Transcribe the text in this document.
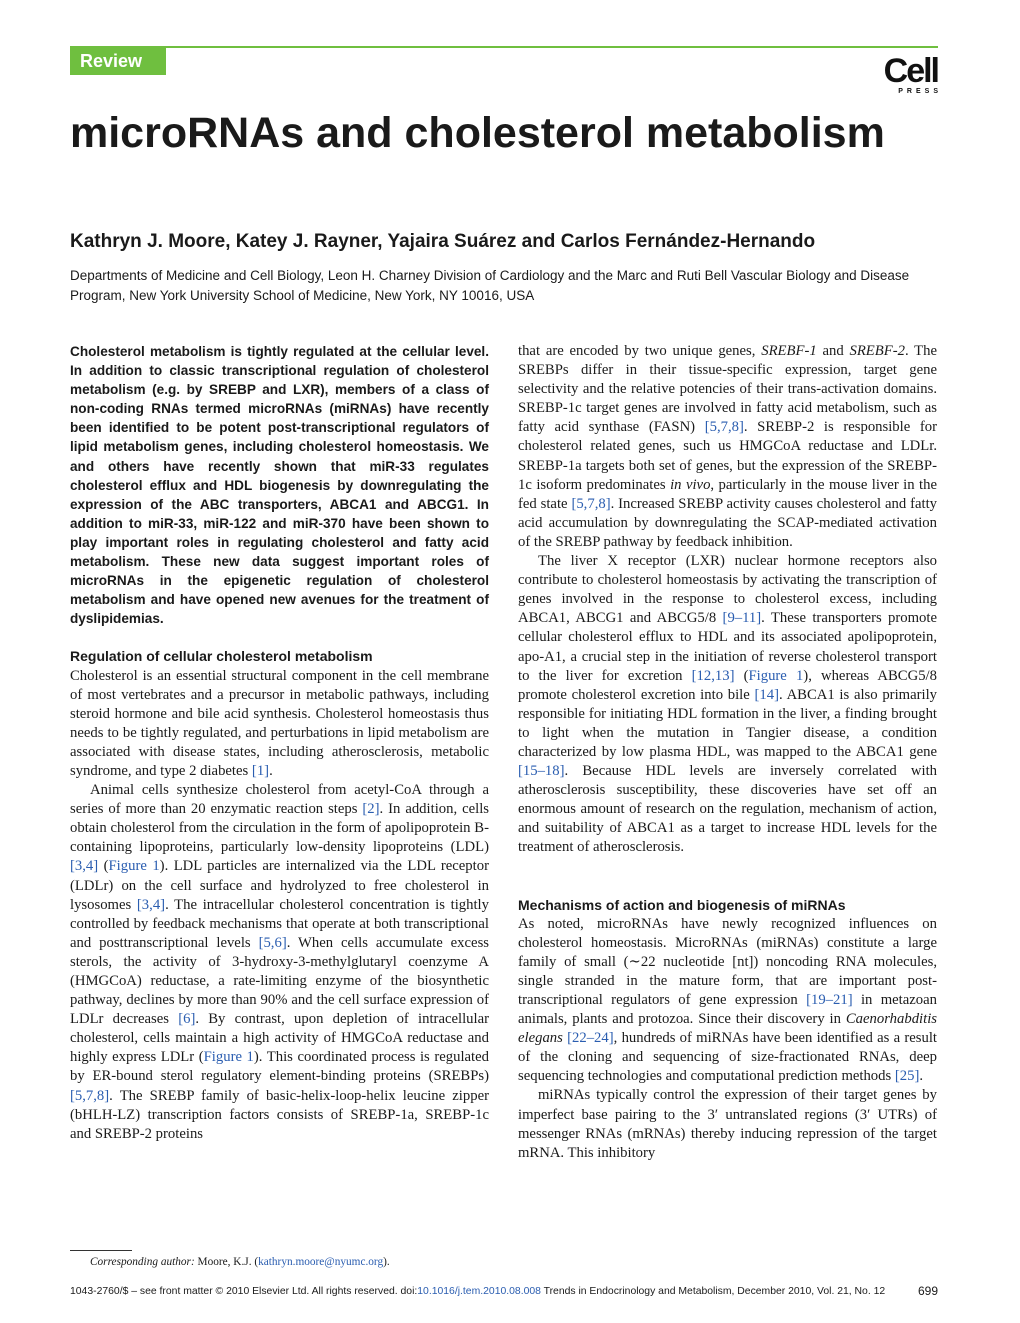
Review	Cell
PRESS
microRNAs and cholesterol metabolism
Kathryn J. Moore, Katey J. Rayner, Yajaira Suárez and Carlos Fernández-Hernando
Departments of Medicine and Cell Biology, Leon H. Charney Division of Cardiology and the Marc and Ruti Bell Vascular Biology and Disease Program, New York University School of Medicine, New York, NY 10016, USA

Cholesterol metabolism is tightly regulated at the cellular level. In addition to classic transcriptional regulation of cholesterol metabolism (e.g. by SREBP and LXR), members of a class of non-coding RNAs termed microRNAs (miRNAs) have recently been identified to be potent post-transcriptional regulators of lipid metabolism genes, including cholesterol homeostasis. We and others have recently shown that miR-33 regulates cholesterol efflux and HDL biogenesis by downregulating the expression of the ABC transporters, ABCA1 and ABCG1. In addition to miR-33, miR-122 and miR-370 have been shown to play important roles in regulating cholesterol and fatty acid metabolism. These new data suggest important roles of microRNAs in the epigenetic regulation of cholesterol metabolism and have opened new avenues for the treatment of dyslipidemias.

Regulation of cellular cholesterol metabolism

Cholesterol is an essential structural component in the cell membrane of most vertebrates and a precursor in metabolic pathways, including steroid hormone and bile acid synthesis. Cholesterol homeostasis thus needs to be tightly regulated, and perturbations in lipid metabolism are associated with disease states, including atherosclerosis, metabolic syndrome, and type 2 diabetes [1].

Animal cells synthesize cholesterol from acetyl-CoA through a series of more than 20 enzymatic reaction steps [2]. In addition, cells obtain cholesterol from the circulation in the form of apolipoprotein B-containing lipoproteins, particularly low-density lipoproteins (LDL) [3,4] (Figure 1). LDL particles are internalized via the LDL receptor (LDLr) on the cell surface and hydrolyzed to free cholesterol in lysosomes [3,4]. The intracellular cholesterol concentration is tightly controlled by feedback mechanisms that operate at both transcriptional and posttranscriptional levels [5,6]. When cells accumulate excess sterols, the activity of 3-hydroxy-3-methylglutaryl coenzyme A (HMGCoA) reductase, a rate-limiting enzyme of the biosynthetic pathway, declines by more than 90% and the cell surface expression of LDLr decreases [6]. By contrast, upon depletion of intracellular cholesterol, cells maintain a high activity of HMGCoA reductase and highly express LDLr (Figure 1). This coordinated process is regulated by ER-bound sterol regulatory element-binding proteins (SREBPs) [5,7,8]. The SREBP family of basic-helix-loop-helix leucine zipper (bHLH-LZ) transcription factors consists of SREBP-1a, SREBP-1c and SREBP-2 proteins

that are encoded by two unique genes, SREBF-1 and SREBF-2. The SREBPs differ in their tissue-specific expression, target gene selectivity and the relative potencies of their trans-activation domains. SREBP-1c target genes are involved in fatty acid metabolism, such as fatty acid synthase (FASN) [5,7,8]. SREBP-2 is responsible for cholesterol related genes, such us HMGCoA reductase and LDLr. SREBP-1a targets both set of genes, but the expression of the SREBP-1c isoform predominates in vivo, particularly in the mouse liver in the fed state [5,7,8]. Increased SREBP activity causes cholesterol and fatty acid accumulation by downregulating the SCAP-mediated activation of the SREBP pathway by feedback inhibition.

The liver X receptor (LXR) nuclear hormone receptors also contribute to cholesterol homeostasis by activating the transcription of genes involved in the response to cholesterol excess, including ABCA1, ABCG1 and ABCG5/8 [9–11]. These transporters promote cellular cholesterol efflux to HDL and its associated apolipoprotein, apo-A1, a crucial step in the initiation of reverse cholesterol transport to the liver for excretion [12,13] (Figure 1), whereas ABCG5/8 promote cholesterol excretion into bile [14]. ABCA1 is also primarily responsible for initiating HDL formation in the liver, a finding brought to light when the mutation in Tangier disease, a condition characterized by low plasma HDL, was mapped to the ABCA1 gene [15–18]. Because HDL levels are inversely correlated with atherosclerosis susceptibility, these discoveries have set off an enormous amount of research on the regulation, mechanism of action, and suitability of ABCA1 as a target to increase HDL levels for the treatment of atherosclerosis.

Mechanisms of action and biogenesis of miRNAs

As noted, microRNAs have newly recognized influences on cholesterol homeostasis. MicroRNAs (miRNAs) constitute a large family of small (∼22 nucleotide [nt]) noncoding RNA molecules, single stranded in the mature form, that are important post-transcriptional regulators of gene expression [19–21] in metazoan animals, plants and protozoa. Since their discovery in Caenorhabditis elegans [22–24], hundreds of miRNAs have been identified as a result of the cloning and sequencing of size-fractionated RNAs, deep sequencing technologies and computational prediction methods [25].

miRNAs typically control the expression of their target genes by imperfect base pairing to the 3′ untranslated regions (3′ UTRs) of messenger RNAs (mRNAs) thereby inducing repression of the target mRNA. This inhibitory

Corresponding author: Moore, K.J. (kathryn.moore@nyumc.org).
1043-2760/$ – see front matter © 2010 Elsevier Ltd. All rights reserved. doi:10.1016/j.tem.2010.08.008 Trends in Endocrinology and Metabolism, December 2010, Vol. 21, No. 12	699
